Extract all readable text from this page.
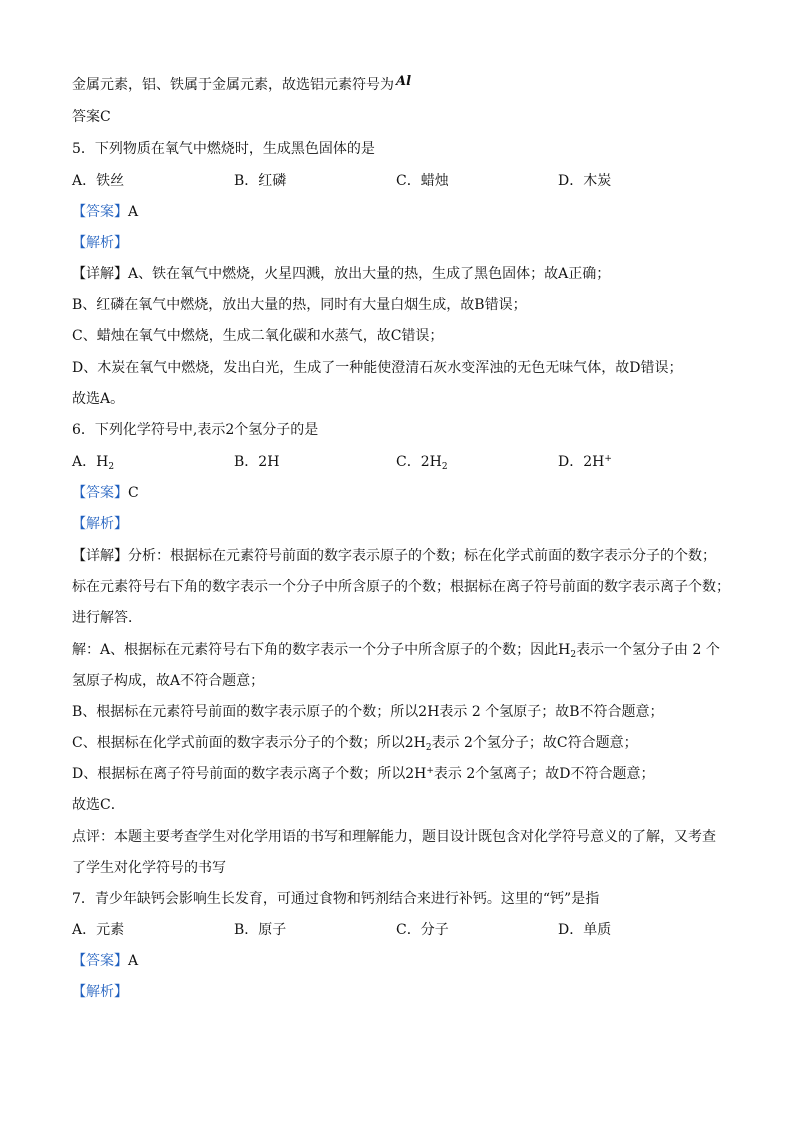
金属元素，铝、铁属于金属元素，故选铝元素符号为 Al
答案C
5．下列物质在氧气中燃烧时，生成黑色固体的是
A．铁丝	B．红磷	C．蜡烛	D．木炭
【答案】A
【解析】
【详解】A、铁在氧气中燃烧，火星四溅，放出大量的热，生成了黑色固体；故A正确；
B、红磷在氧气中燃烧，放出大量的热，同时有大量白烟生成，故B错误；
C、蜡烛在氧气中燃烧，生成二氧化碳和水蒸气，故C错误；
D、木炭在氧气中燃烧，发出白光，生成了一种能使澄清石灰水变浑浊的无色无味气体，故D错误；
故选A。
6．下列化学符号中,表示2个氢分子的是
A．$H_2$	B．2H	C．$2H_2$	D．2H+
【答案】C
【解析】
【详解】分析：根据标在元素符号前面的数字表示原子的个数；标在化学式前面的数字表示分子的个数；
标在元素符号右下角的数字表示一个分子中所含原子的个数；根据标在离子符号前面的数字表示离子个数；
进行解答．
解：A、根据标在元素符号右下角的数字表示一个分子中所含原子的个数；因此$H_2$表示一个氢分子由 2 个
氢原子构成，故A不符合题意；
B、根据标在元素符号前面的数字表示原子的个数；所以2H表示 2 个氢原子；故B不符合题意；
C、根据标在化学式前面的数字表示分子的个数；所以$2H_2$表示 2个氢分子；故C符合题意；
D、根据标在离子符号前面的数字表示离子个数；所以2H+表示 2个氢离子；故D不符合题意；
故选C．
点评：本题主要考查学生对化学用语的书写和理解能力，题目设计既包含对化学符号意义的了解，又考查
了学生对化学符号的书写
7．青少年缺钙会影响生长发育，可通过食物和钙剂结合来进行补钙。这里的“钙”是指
A．元素	B．原子	C．分子	D．单质
【答案】A
【解析】
